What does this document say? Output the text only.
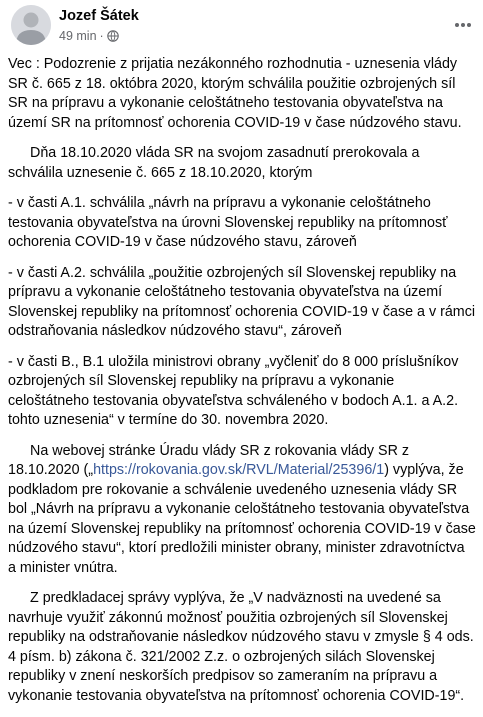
Jozef Šátek
49 min ·

Vec : Podozrenie z prijatia nezákonného rozhodnutia - uznesenia vlády SR č. 665 z 18. októbra 2020, ktorým schválila použitie ozbrojených síl SR na prípravu a vykonanie celoštátneho testovania obyvateľstva na území SR na prítomnosť ochorenia COVID-19 v čase núdzového stavu.

Dňa 18.10.2020 vláda SR na svojom zasadnutí prerokovala a schválila uznesenie č. 665 z 18.10.2020, ktorým

- v časti A.1. schválila „návrh na prípravu a vykonanie celoštátneho testovania obyvateľstva na úrovni Slovenskej republiky na prítomnosť ochorenia COVID-19 v čase núdzového stavu, zároveň

- v časti A.2. schválila „použitie ozbrojených síl Slovenskej republiky na prípravu a vykonanie celoštátneho testovania obyvateľstva na území Slovenskej republiky na prítomnosť ochorenia COVID-19 v čase a v rámci odstraňovania následkov núdzového stavu“, zároveň

- v časti B., B.1 uložila ministrovi obrany „vyčleniť do 8 000 príslušníkov ozbrojených síl Slovenskej republiky na prípravu a vykonanie celoštátneho testovania obyvateľstva schváleného v bodoch A.1. a A.2. tohto uznesenia“ v termíne do 30. novembra 2020.

Na webovej stránke Úradu vlády SR z rokovania vlády SR z 18.10.2020 („https://rokovania.gov.sk/RVL/Material/25396/1) vyplýva, že podkladom pre rokovanie a schválenie uvedeného uznesenia vlády SR bol „Návrh na prípravu a vykonanie celoštátneho testovania obyvateľstva na území Slovenskej republiky na prítomnosť ochorenia COVID-19 v čase núdzového stavu“, ktorí predložili minister obrany, minister zdravotníctva a minister vnútra.

Z predkladacej správy vyplýva, že „V nadväznosti na uvedené sa navrhuje využiť zákonnú možnosť použitia ozbrojených síl Slovenskej republiky na odstraňovanie následkov núdzového stavu v zmysle § 4 ods. 4 písm. b) zákona č. 321/2002 Z.z. o ozbrojených silách Slovenskej republiky v znení neskorších predpisov so zameraním na prípravu a vykonanie testovania obyvateľstva na prítomnosť ochorenia COVID-19“.
